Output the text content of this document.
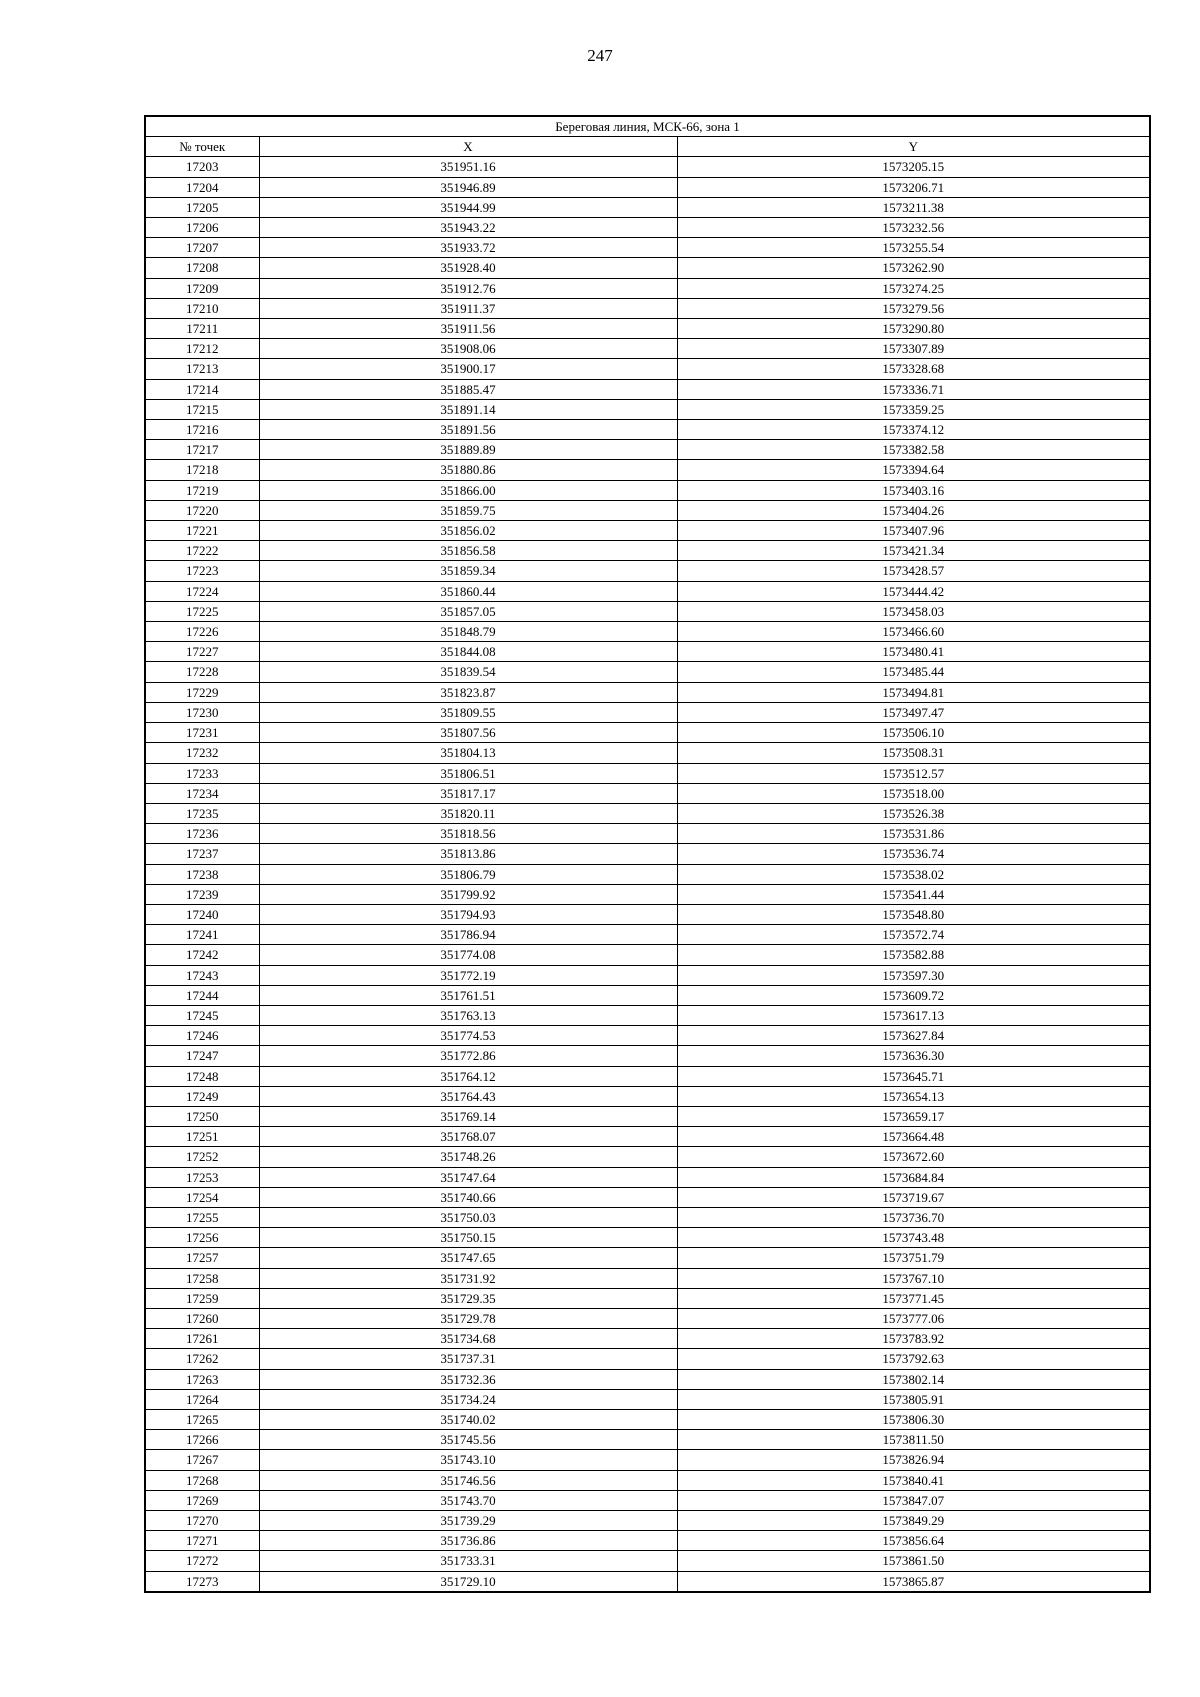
247
Береговая линия, МСК-66, зона 1		
№ точек	X	Y
17203	351951.16	1573205.15
17204	351946.89	1573206.71
17205	351944.99	1573211.38
17206	351943.22	1573232.56
17207	351933.72	1573255.54
17208	351928.40	1573262.90
17209	351912.76	1573274.25
17210	351911.37	1573279.56
17211	351911.56	1573290.80
17212	351908.06	1573307.89
17213	351900.17	1573328.68
17214	351885.47	1573336.71
17215	351891.14	1573359.25
17216	351891.56	1573374.12
17217	351889.89	1573382.58
17218	351880.86	1573394.64
17219	351866.00	1573403.16
17220	351859.75	1573404.26
17221	351856.02	1573407.96
17222	351856.58	1573421.34
17223	351859.34	1573428.57
17224	351860.44	1573444.42
17225	351857.05	1573458.03
17226	351848.79	1573466.60
17227	351844.08	1573480.41
17228	351839.54	1573485.44
17229	351823.87	1573494.81
17230	351809.55	1573497.47
17231	351807.56	1573506.10
17232	351804.13	1573508.31
17233	351806.51	1573512.57
17234	351817.17	1573518.00
17235	351820.11	1573526.38
17236	351818.56	1573531.86
17237	351813.86	1573536.74
17238	351806.79	1573538.02
17239	351799.92	1573541.44
17240	351794.93	1573548.80
17241	351786.94	1573572.74
17242	351774.08	1573582.88
17243	351772.19	1573597.30
17244	351761.51	1573609.72
17245	351763.13	1573617.13
17246	351774.53	1573627.84
17247	351772.86	1573636.30
17248	351764.12	1573645.71
17249	351764.43	1573654.13
17250	351769.14	1573659.17
17251	351768.07	1573664.48
17252	351748.26	1573672.60
17253	351747.64	1573684.84
17254	351740.66	1573719.67
17255	351750.03	1573736.70
17256	351750.15	1573743.48
17257	351747.65	1573751.79
17258	351731.92	1573767.10
17259	351729.35	1573771.45
17260	351729.78	1573777.06
17261	351734.68	1573783.92
17262	351737.31	1573792.63
17263	351732.36	1573802.14
17264	351734.24	1573805.91
17265	351740.02	1573806.30
17266	351745.56	1573811.50
17267	351743.10	1573826.94
17268	351746.56	1573840.41
17269	351743.70	1573847.07
17270	351739.29	1573849.29
17271	351736.86	1573856.64
17272	351733.31	1573861.50
17273	351729.10	1573865.87
